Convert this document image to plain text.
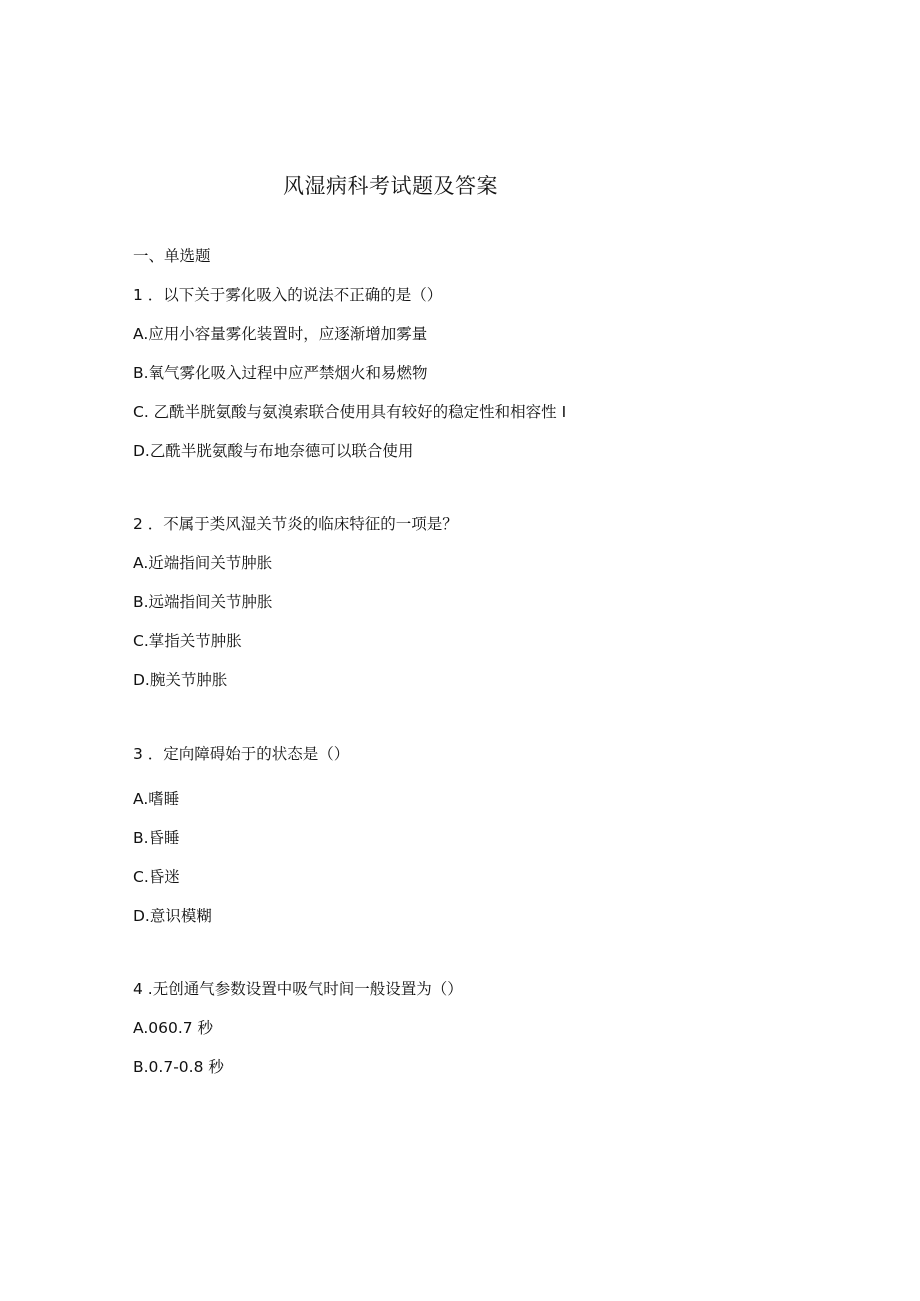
风湿病科考试题及答案
一、单选题
1 ．以下关于雾化吸入的说法不正确的是（）
A.应用小容量雾化装置时，应逐渐增加雾量
B.氧气雾化吸入过程中应严禁烟火和易燃物
C. 乙酰半胱氨酸与氨溴索联合使用具有较好的稳定性和相容性 I
D.乙酰半胱氨酸与布地奈德可以联合使用
2 ．不属于类风湿关节炎的临床特征的一项是？
A.近端指间关节肿胀
B.远端指间关节肿胀
C.掌指关节肿胀
D.腕关节肿胀
3 ．定向障碍始于的状态是（）
A.嗜睡
B.昏睡
C.昏迷
D.意识模糊
4 .无创通气参数设置中吸气时间一般设置为（）
A.060.7 秒
B.0.7-0.8 秒
